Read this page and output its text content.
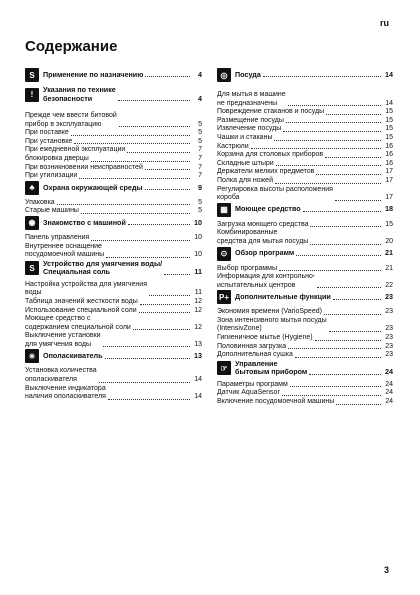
ru
Содержание
S	Применение по назначению	4
!
Указания по технике
безопасности	4
Прежде чем ввести битовой
прибор в эксплуатацию	5
При поставке	5
При установке	5
При ежедневной эксплуатации	7
блокировка дверцы	7
При возникновении неисправностей	7
При утилизации	7
♣	Охрана окружающей среды	9
Упаковка	5
Старые машины	5
◉	Знакомство с машиной	10
Панель управления	10
Внутреннее оснащение
посудомоечной машины	10
S
Устройство для умягчения воды/
Специальная соль	11
Настройка устройства для умягчения
воды	11
Таблица значений жесткости воды	12
Использование специальной соли	12
Моющее средство с
содержанием специальной соли	12
Выключение установки
для умягчения воды	13
✳	Ополаскиватель	13
Установка количества
ополаскивателя	14
Выключение индикатора
наличия ополаскивателя	14
◎	Посуда	14
Для мытья в машине
не предназначены	14
Повреждение стаканов и посуды	15
Размещение посуды	15
Извлечение посуды	15
Чашки и стаканы	15
Кастрюли	16
Корзина для столовых приборов	16
Складные штыри	16
Держатели мелких предметов	17
Полка для ножей	17
Регулировка высоты расположения
короба	17
▦	Моющее средство	18
Загрузка моющего средства	15
Комбинированные
средства для мытья посуды	20
⊙	Обзор программ	21
Выбор программы	21
Информация для контрольно-
испытательных центров	22
P+ Дополнительные функции	23
Экономия времени (VarioSpeed)	23
Зона интенсивного мытья посуды
(IntensivZone)	23
Гигиеничное мытье (Hygiene)	23
Половинная загрузка	23
Дополнительная сушка	23
☞
Управление
бытовым прибором	24
Параметры программ	24
Датчик AquaSensor	24
Включение посудомоечной машины	24
3
